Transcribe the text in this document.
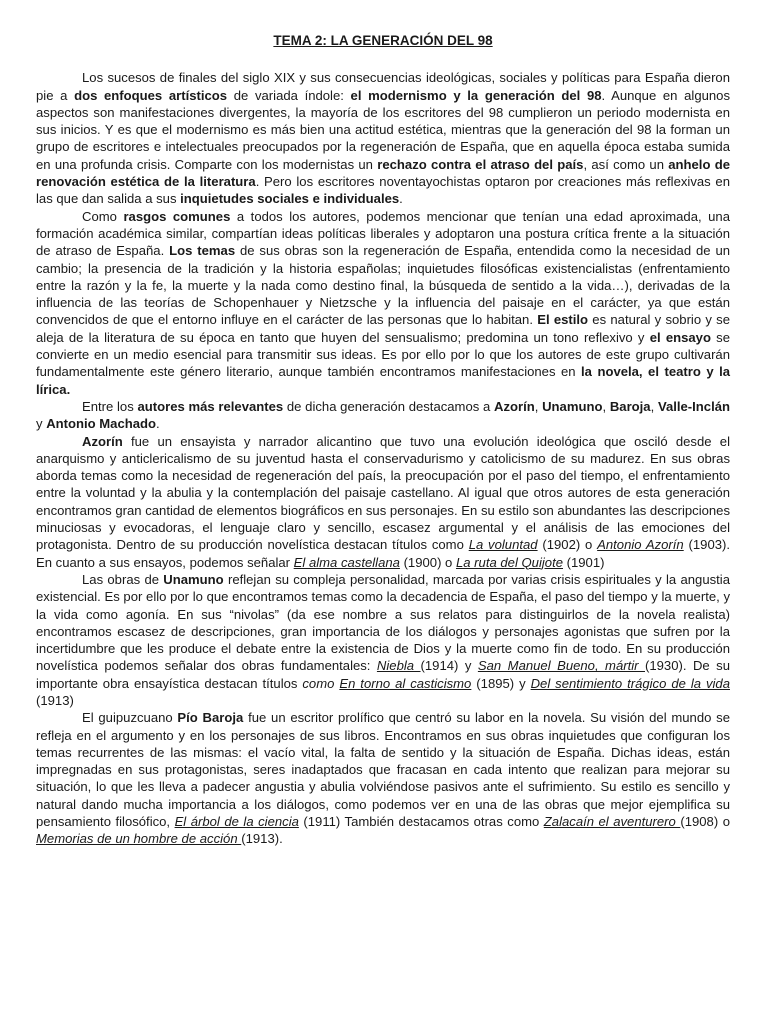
TEMA 2: LA GENERACIÓN DEL 98

Los sucesos de finales del siglo XIX y sus consecuencias ideológicas, sociales y políticas para España dieron pie a dos enfoques artísticos de variada índole: el modernismo y la generación del 98. Aunque en algunos aspectos son manifestaciones divergentes, la mayoría de los escritores del 98 cumplieron un periodo modernista en sus inicios. Y es que el modernismo es más bien una actitud estética, mientras que la generación del 98 la forman un grupo de escritores e intelectuales preocupados por la regeneración de España, que en aquella época estaba sumida en una profunda crisis. Comparte con los modernistas un rechazo contra el atraso del país, así como un anhelo de renovación estética de la literatura. Pero los escritores noventayochistas optaron por creaciones más reflexivas en las que dan salida a sus inquietudes sociales e individuales.

Como rasgos comunes a todos los autores, podemos mencionar que tenían una edad aproximada, una formación académica similar, compartían ideas políticas liberales y adoptaron una postura crítica frente a la situación de atraso de España. Los temas de sus obras son la regeneración de España, entendida como la necesidad de un cambio; la presencia de la tradición y la historia españolas; inquietudes filosóficas existencialistas (enfrentamiento entre la razón y la fe, la muerte y la nada como destino final, la búsqueda de sentido a la vida…), derivadas de la influencia de las teorías de Schopenhauer y Nietzsche y la influencia del paisaje en el carácter, ya que están convencidos de que el entorno influye en el carácter de las personas que lo habitan. El estilo es natural y sobrio y se aleja de la literatura de su época en tanto que huyen del sensualismo; predomina un tono reflexivo y el ensayo se convierte en un medio esencial para transmitir sus ideas. Es por ello por lo que los autores de este grupo cultivarán fundamentalmente este género literario, aunque también encontramos manifestaciones en la novela, el teatro y la lírica.

Entre los autores más relevantes de dicha generación destacamos a Azorín, Unamuno, Baroja, Valle-Inclán y Antonio Machado.

Azorín fue un ensayista y narrador alicantino que tuvo una evolución ideológica que osciló desde el anarquismo y anticlericalismo de su juventud hasta el conservadurismo y catolicismo de su madurez. En sus obras aborda temas como la necesidad de regeneración del país, la preocupación por el paso del tiempo, el enfrentamiento entre la voluntad y la abulia y la contemplación del paisaje castellano. Al igual que otros autores de esta generación encontramos gran cantidad de elementos biográficos en sus personajes. En su estilo son abundantes las descripciones minuciosas y evocadoras, el lenguaje claro y sencillo, escasez argumental y el análisis de las emociones del protagonista. Dentro de su producción novelística destacan títulos como La voluntad (1902) o Antonio Azorín (1903). En cuanto a sus ensayos, podemos señalar El alma castellana (1900) o La ruta del Quijote (1901)

Las obras de Unamuno reflejan su compleja personalidad, marcada por varias crisis espirituales y la angustia existencial. Es por ello por lo que encontramos temas como la decadencia de España, el paso del tiempo y la muerte, y la vida como agonía. En sus “nivolas” (da ese nombre a sus relatos para distinguirlos de la novela realista) encontramos escasez de descripciones, gran importancia de los diálogos y personajes agonistas que sufren por la incertidumbre que les produce el debate entre la existencia de Dios y la muerte como fin de todo. En su producción novelística podemos señalar dos obras fundamentales: Niebla (1914) y San Manuel Bueno, mártir (1930). De su importante obra ensayística destacan títulos como En torno al casticismo (1895) y Del sentimiento trágico de la vida (1913)

El guipuzcuano Pío Baroja fue un escritor prolífico que centró su labor en la novela. Su visión del mundo se refleja en el argumento y en los personajes de sus libros. Encontramos en sus obras inquietudes que configuran los temas recurrentes de las mismas: el vacío vital, la falta de sentido y la situación de España. Dichas ideas, están impregnadas en sus protagonistas, seres inadaptados que fracasan en cada intento que realizan para mejorar su situación, lo que les lleva a padecer angustia y abulia volviéndose pasivos ante el sufrimiento. Su estilo es sencillo y natural dando mucha importancia a los diálogos, como podemos ver en una de las obras que mejor ejemplifica su pensamiento filosófico, El árbol de la ciencia (1911) También destacamos otras como Zalacaín el aventurero (1908) o Memorias de un hombre de acción (1913).
